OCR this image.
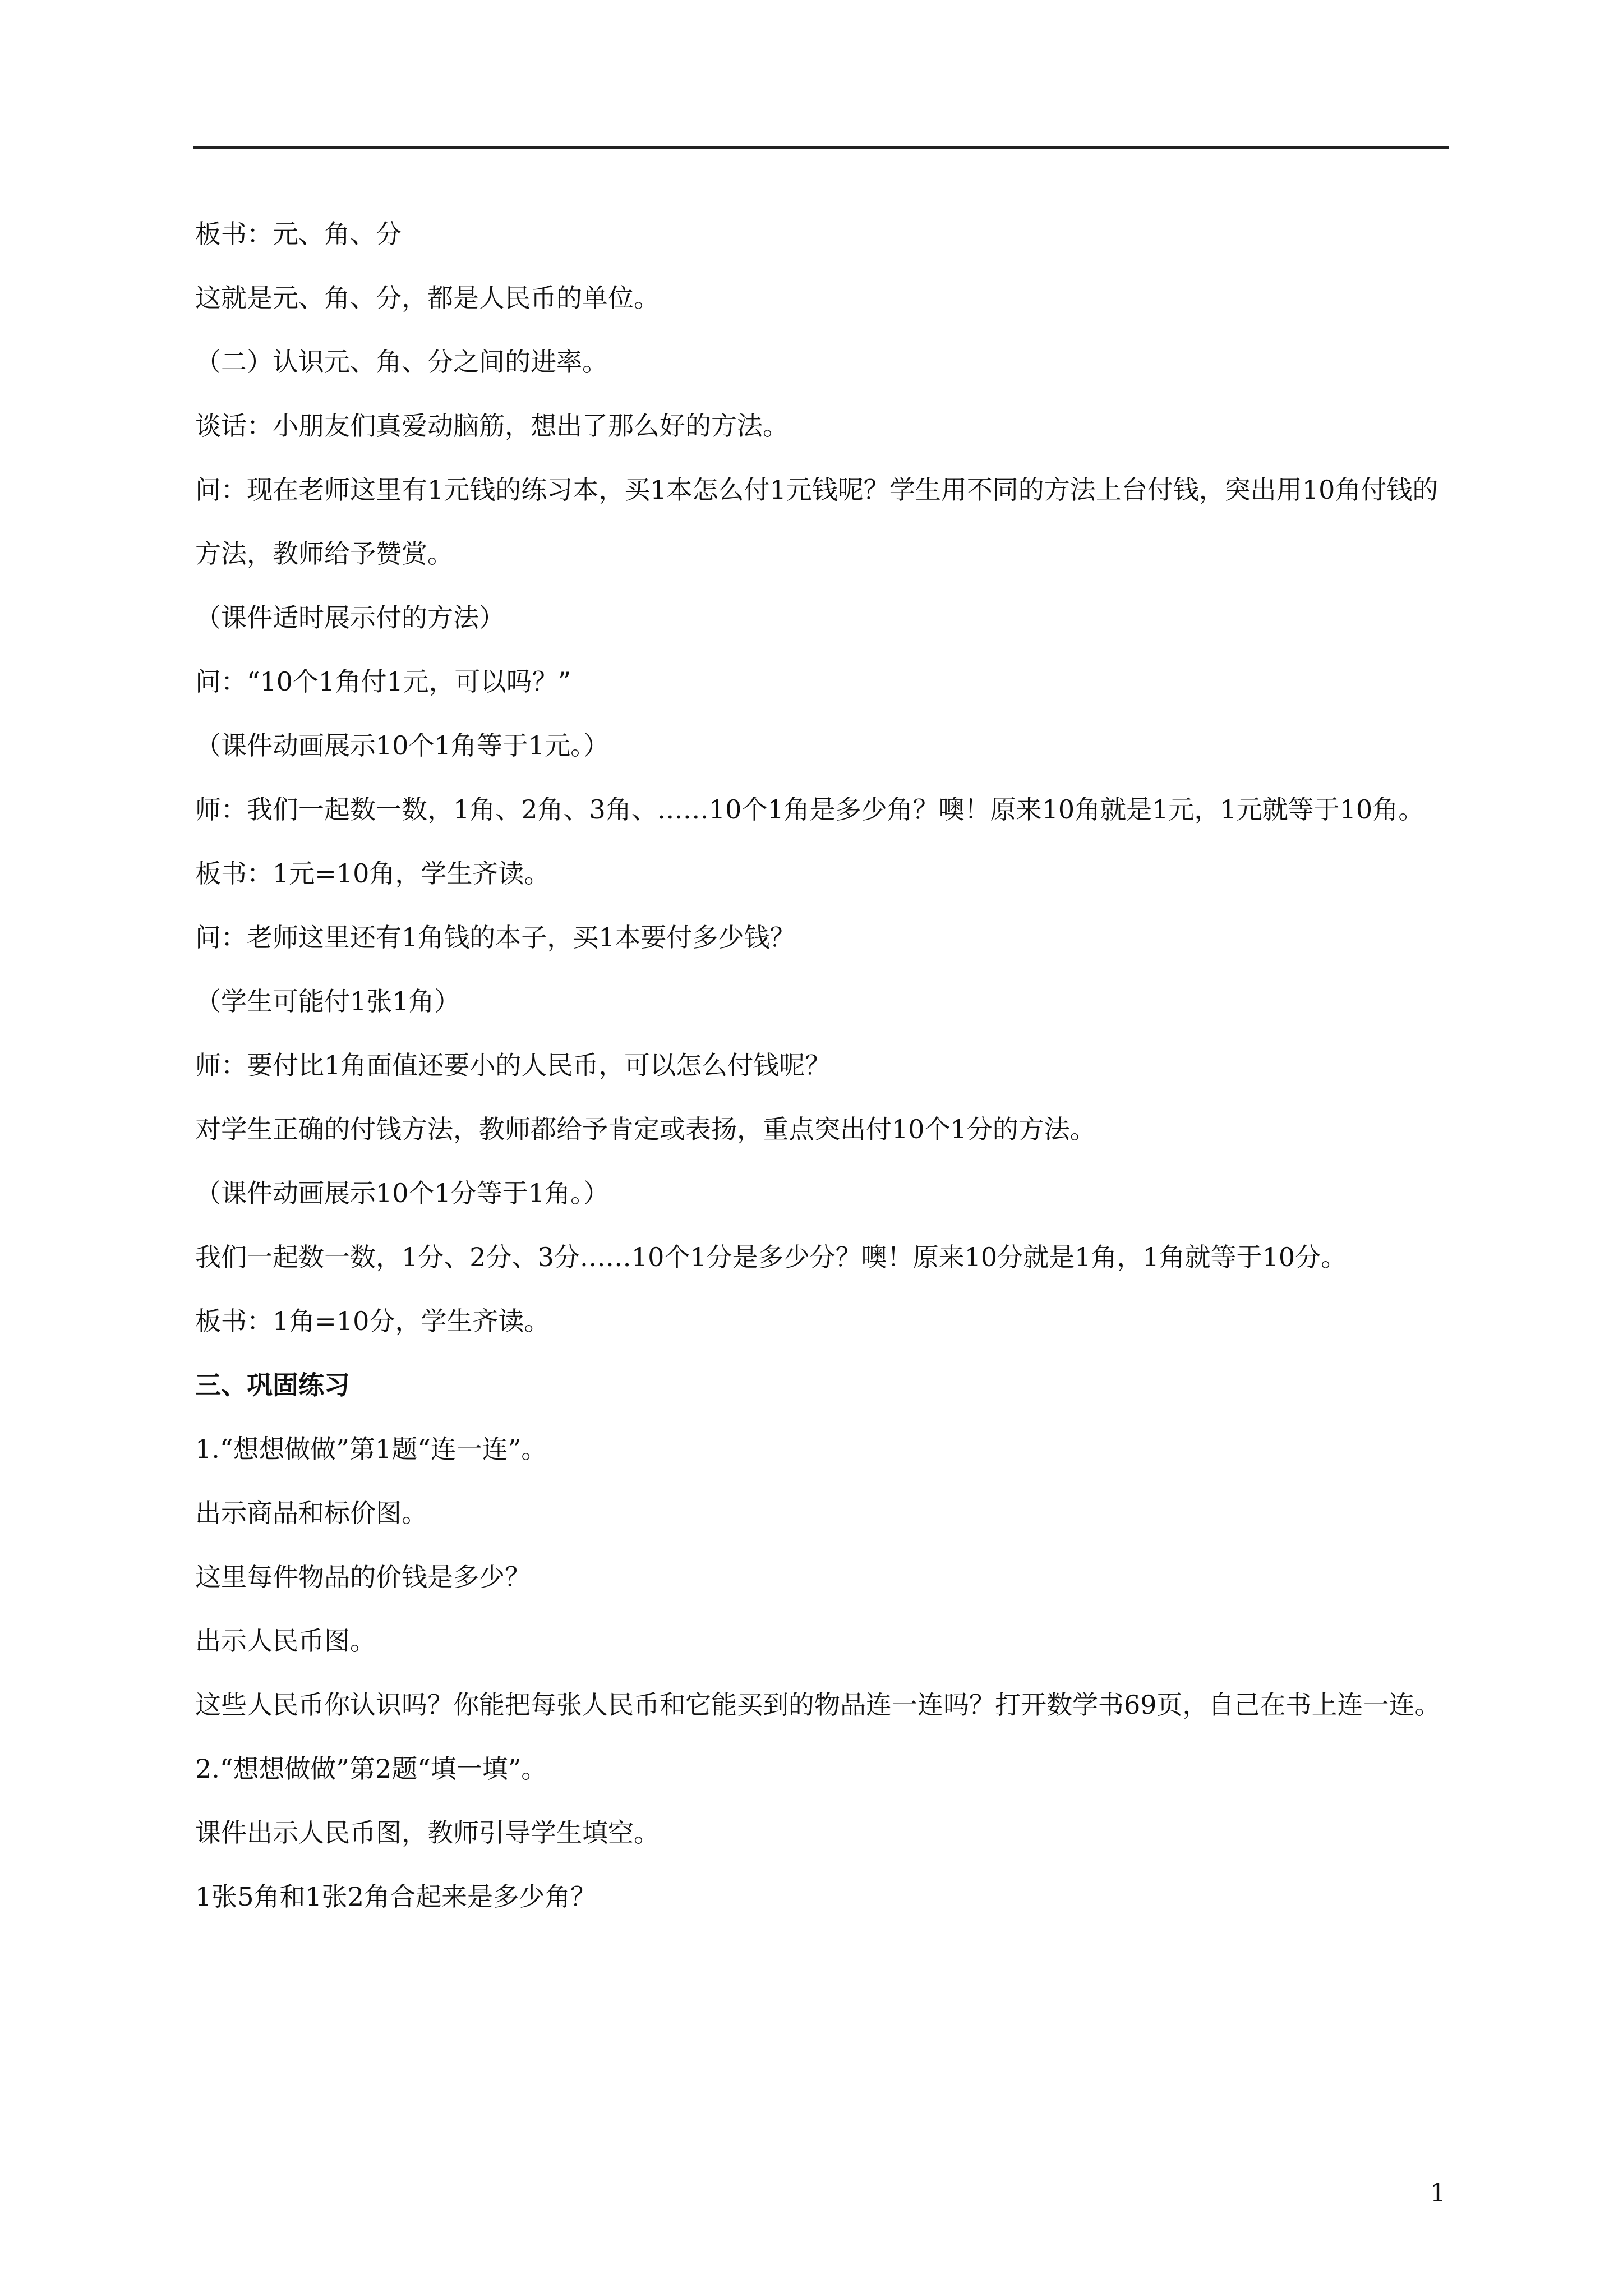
板书：元、角、分

这就是元、角、分，都是人民币的单位。

（二）认识元、角、分之间的进率。

谈话：小朋友们真爱动脑筋，想出了那么好的方法。

问：现在老师这里有1元钱的练习本，买1本怎么付1元钱呢？学生用不同的方法上台付钱，突出用10角付钱的方法，教师给予赞赏。

（课件适时展示付的方法）

问：“10个1角付1元，可以吗？”

（课件动画展示10个1角等于1元。）

师：我们一起数一数，1角、2角、3角、……10个1角是多少角？噢！原来10角就是1元，1元就等于10角。

板书：1元=10角，学生齐读。

问：老师这里还有1角钱的本子，买1本要付多少钱？

（学生可能付1张1角）

师：要付比1角面值还要小的人民币，可以怎么付钱呢？

对学生正确的付钱方法，教师都给予肯定或表扬，重点突出付10个1分的方法。

（课件动画展示10个1分等于1角。）

我们一起数一数，1分、2分、3分……10个1分是多少分？噢！原来10分就是1角，1角就等于10分。

板书：1角=10分，学生齐读。

三、巩固练习

1.“想想做做”第1题“连一连”。

出示商品和标价图。

这里每件物品的价钱是多少？

出示人民币图。

这些人民币你认识吗？你能把每张人民币和它能买到的物品连一连吗？打开数学书69页，自己在书上连一连。

2.“想想做做”第2题“填一填”。

课件出示人民币图，教师引导学生填空。

1张5角和1张2角合起来是多少角？

1
